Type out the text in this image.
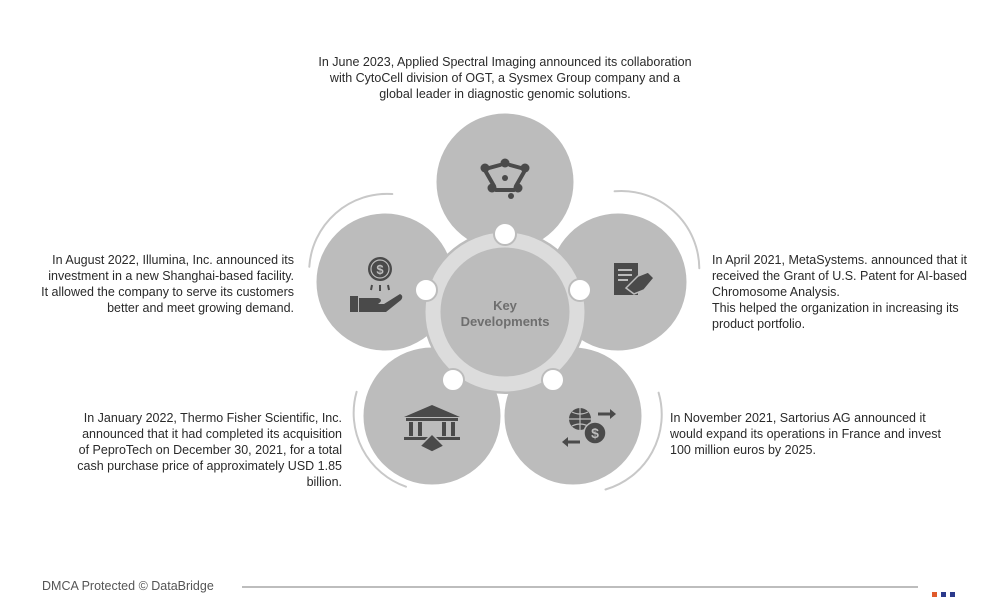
$
$
Key
Developments
In June 2023, Applied Spectral Imaging announced its collaboration
with CytoCell division of OGT, a Sysmex Group company and a
global leader in diagnostic genomic solutions.
In April 2021, MetaSystems. announced that it
received the Grant of U.S. Patent for AI-based
Chromosome Analysis.
This helped the organization in increasing its
product portfolio.
In November 2021, Sartorius AG announced it
would expand its operations in France and invest
100 million euros by 2025.
In January 2022, Thermo Fisher Scientific, Inc.
announced that it had completed its acquisition
of PeproTech on December 30, 2021, for a total
cash purchase price of approximately USD 1.85
billion.
In August 2022, Illumina, Inc. announced its
investment in a new Shanghai-based facility.
It allowed the company to serve its customers
better and meet growing demand.
DMCA Protected © DataBridge
